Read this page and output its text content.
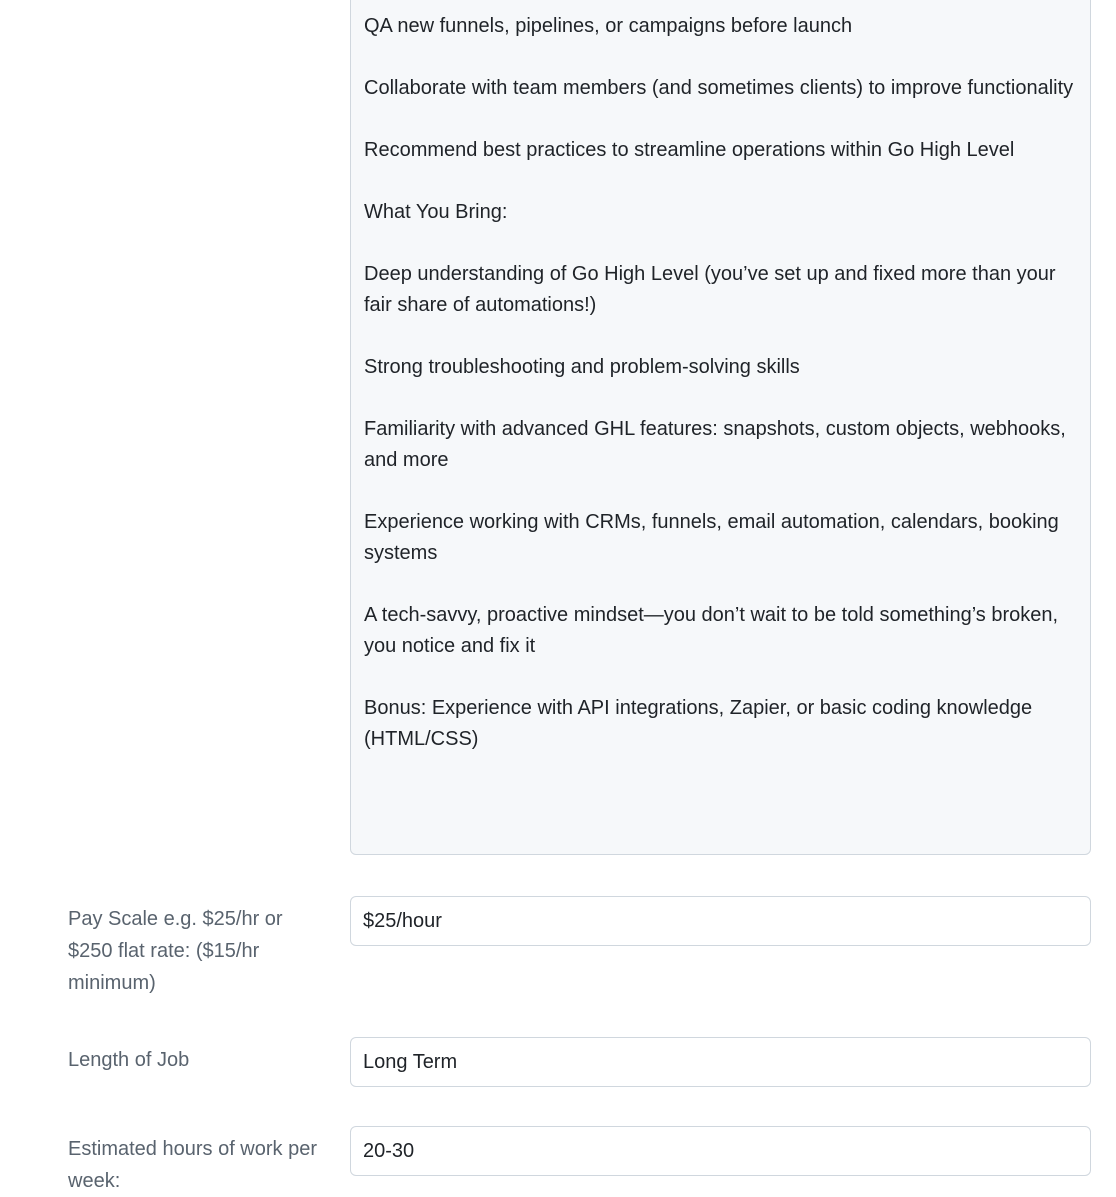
QA new funnels, pipelines, or campaigns before launch

Collaborate with team members (and sometimes clients) to improve functionality

Recommend best practices to streamline operations within Go High Level

What You Bring:

Deep understanding of Go High Level (you’ve set up and fixed more than your fair share of automations!)

Strong troubleshooting and problem-solving skills

Familiarity with advanced GHL features: snapshots, custom objects, webhooks, and more

Experience working with CRMs, funnels, email automation, calendars, booking systems

A tech-savvy, proactive mindset—you don’t wait to be told something’s broken, you notice and fix it

Bonus: Experience with API integrations, Zapier, or basic coding knowledge (HTML/CSS)

Pay Scale e.g. $25/hr or $250 flat rate: ($15/hr minimum)
$25/hour
Length of Job
Long Term
Estimated hours of work per week:
20-30
